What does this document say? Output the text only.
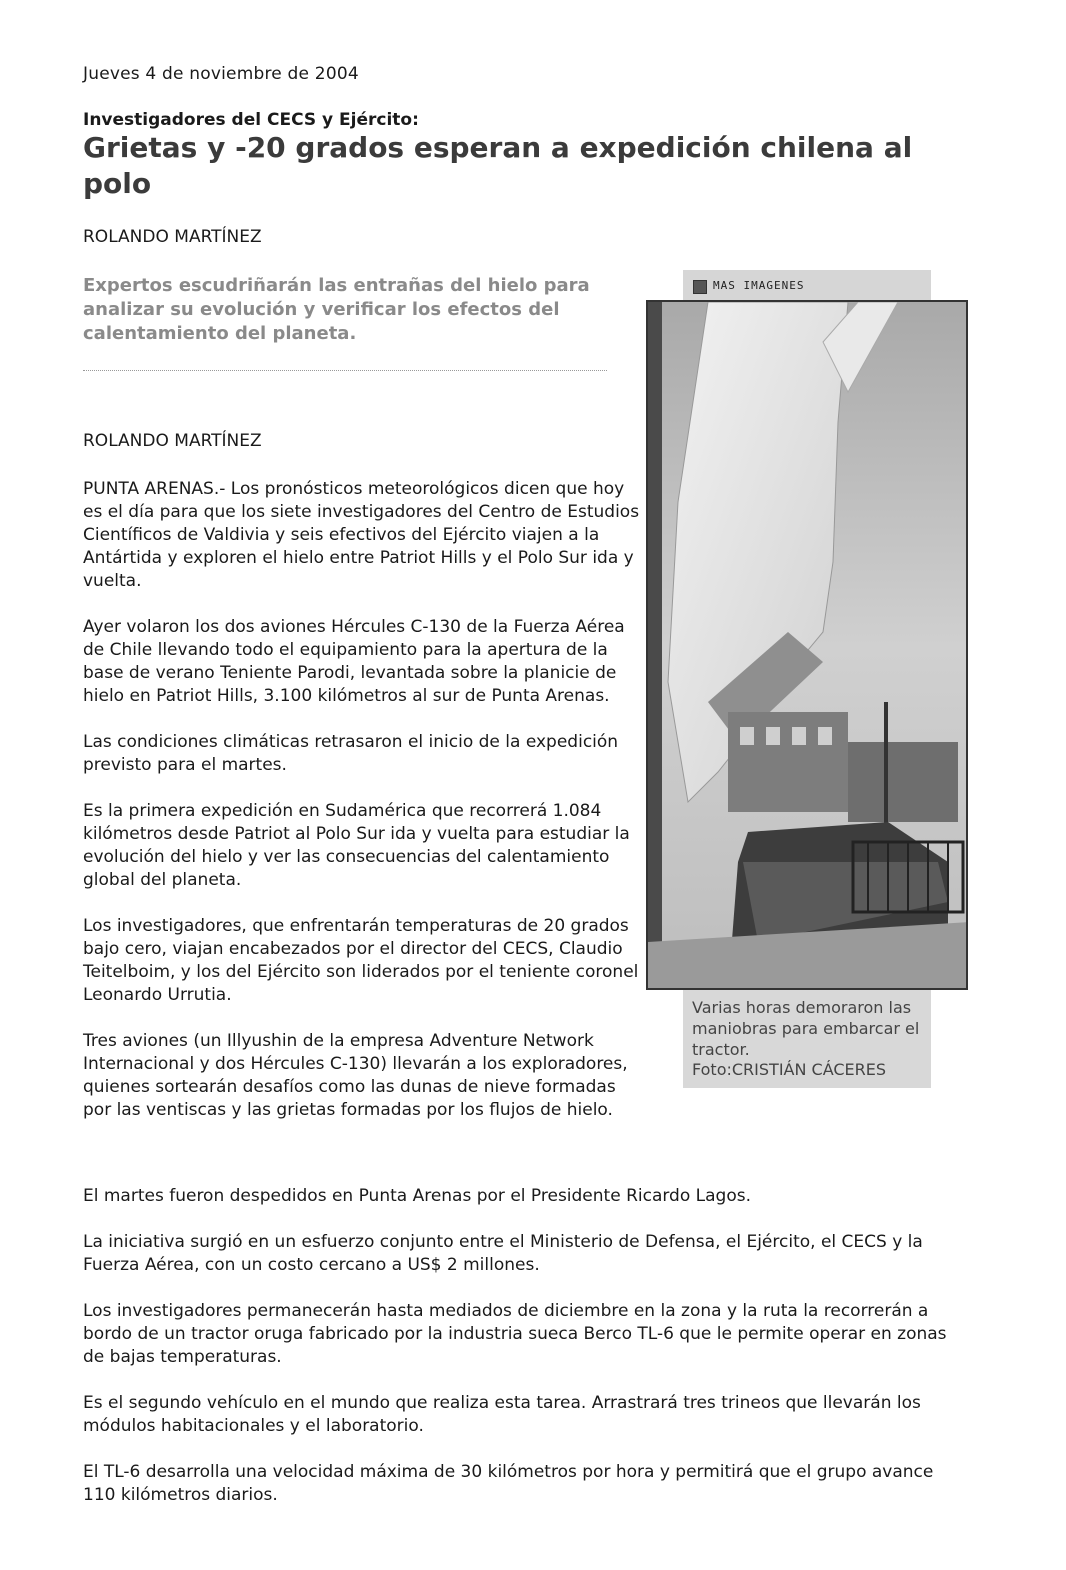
Jueves 4 de noviembre de 2004
Investigadores del CECS y Ejército:
Grietas y -20 grados esperan a expedición chilena al polo
ROLANDO MARTÍNEZ
Expertos escudriñarán las entrañas del hielo para analizar su evolución y verificar los efectos del calentamiento del planeta.
ROLANDO MARTÍNEZ

PUNTA ARENAS.- Los pronósticos meteorológicos dicen que hoy es el día para que los siete investigadores del Centro de Estudios Científicos de Valdivia y seis efectivos del Ejército viajen a la Antártida y exploren el hielo entre Patriot Hills y el Polo Sur ida y vuelta.

Ayer volaron los dos aviones Hércules C-130 de la Fuerza Aérea de Chile llevando todo el equipamiento para la apertura de la base de verano Teniente Parodi, levantada sobre la planicie de hielo en Patriot Hills, 3.100 kilómetros al sur de Punta Arenas.

Las condiciones climáticas retrasaron el inicio de la expedición previsto para el martes.

Es la primera expedición en Sudamérica que recorrerá 1.084 kilómetros desde Patriot al Polo Sur ida y vuelta para estudiar la evolución del hielo y ver las consecuencias del calentamiento global del planeta.

Los investigadores, que enfrentarán temperaturas de 20 grados bajo cero, viajan encabezados por el director del CECS, Claudio Teitelboim, y los del Ejército son liderados por el teniente coronel Leonardo Urrutia.

Tres aviones (un Illyushin de la empresa Adventure Network Internacional y dos Hércules C-130) llevarán a los exploradores, quienes sortearán desafíos como las dunas de nieve formadas por las ventiscas y las grietas formadas por los flujos de hielo.

El martes fueron despedidos en Punta Arenas por el Presidente Ricardo Lagos.

La iniciativa surgió en un esfuerzo conjunto entre el Ministerio de Defensa, el Ejército, el CECS y la Fuerza Aérea, con un costo cercano a US$ 2 millones.

Los investigadores permanecerán hasta mediados de diciembre en la zona y la ruta la recorrerán a bordo de un tractor oruga fabricado por la industria sueca Berco TL-6 que le permite operar en zonas de bajas temperaturas.

Es el segundo vehículo en el mundo que realiza esta tarea. Arrastrará tres trineos que llevarán los módulos habitacionales y el laboratorio.

El TL-6 desarrolla una velocidad máxima de 30 kilómetros por hora y permitirá que el grupo avance 110 kilómetros diarios.

MAS IMAGENES
Varias horas demoraron las maniobras para embarcar el tractor.
Foto:CRISTIÁN CÁCERES
